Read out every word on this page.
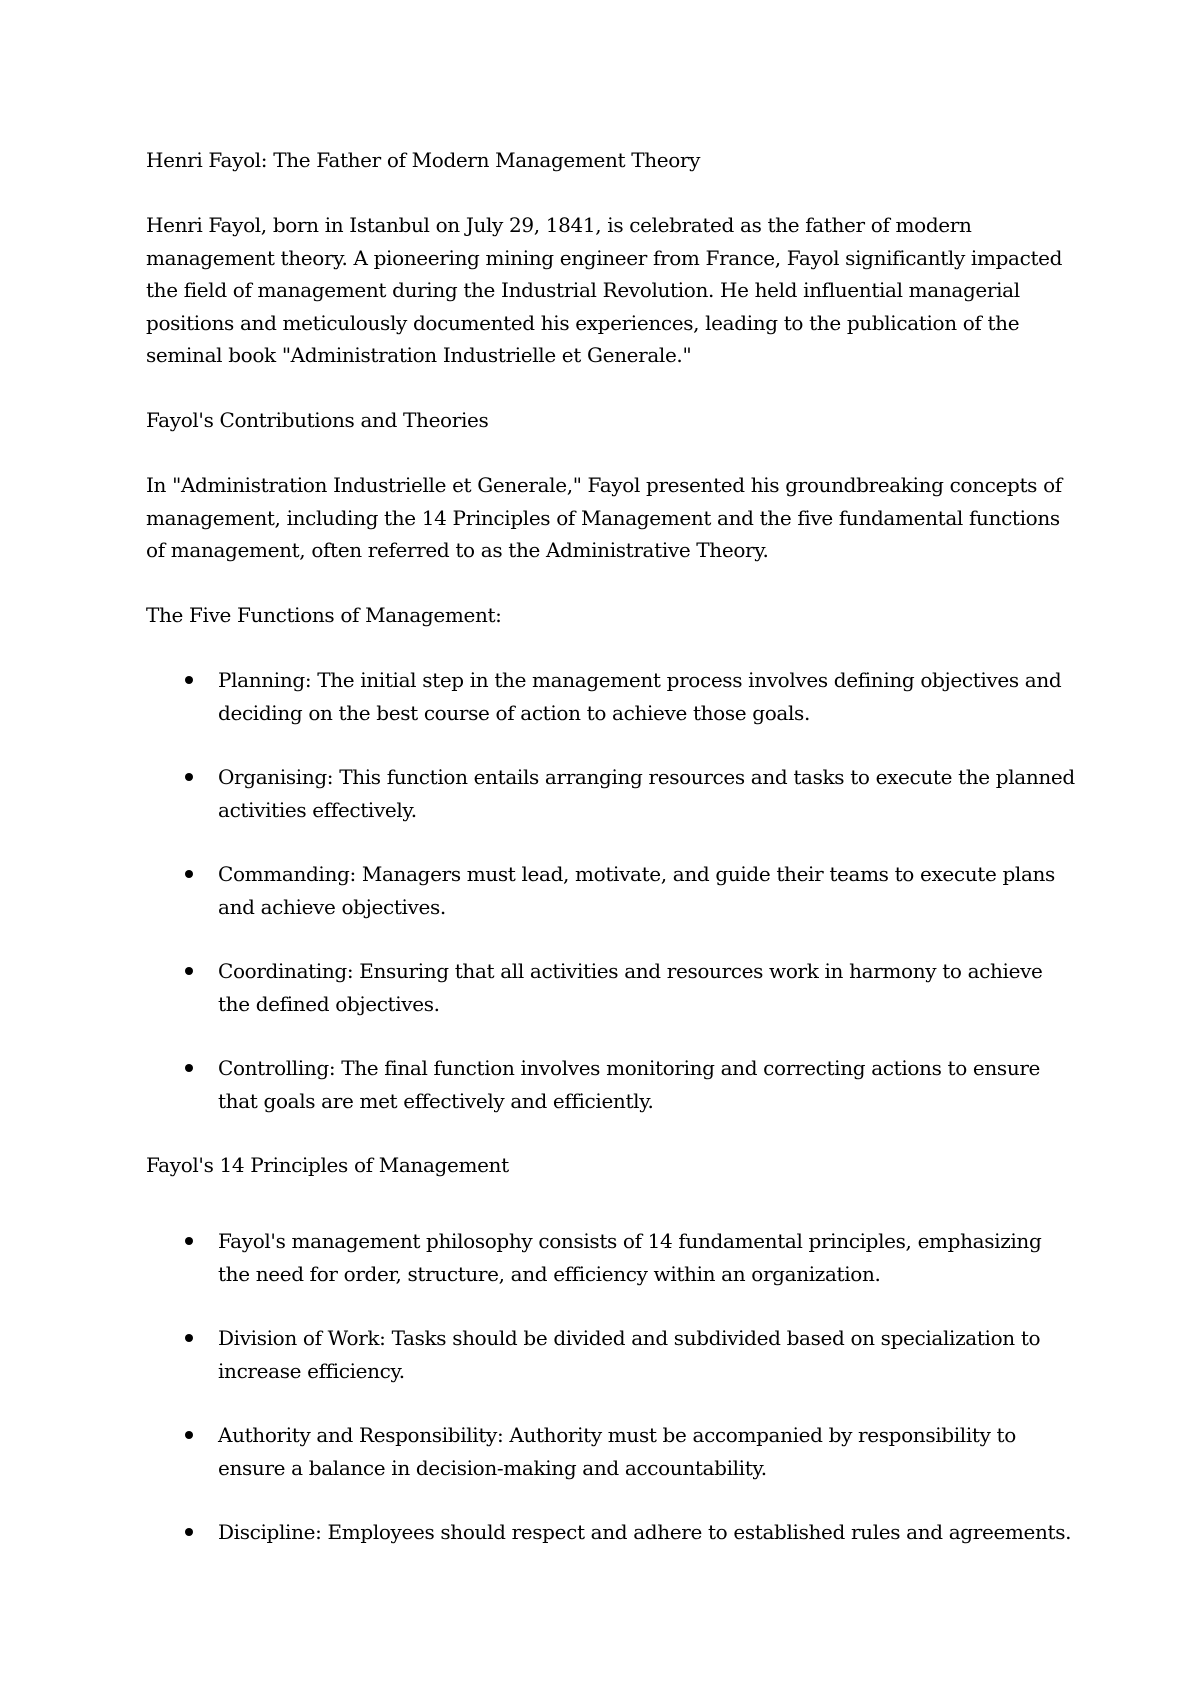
Henri Fayol: The Father of Modern Management Theory

Henri Fayol, born in Istanbul on July 29, 1841, is celebrated as the father of modern management theory. A pioneering mining engineer from France, Fayol significantly impacted the field of management during the Industrial Revolution. He held influential managerial positions and meticulously documented his experiences, leading to the publication of the seminal book "Administration Industrielle et Generale."

Fayol's Contributions and Theories

In "Administration Industrielle et Generale," Fayol presented his groundbreaking concepts of management, including the 14 Principles of Management and the five fundamental functions of management, often referred to as the Administrative Theory.

The Five Functions of Management:

Planning: The initial step in the management process involves defining objectives and deciding on the best course of action to achieve those goals.

Organising: This function entails arranging resources and tasks to execute the planned activities effectively.

Commanding: Managers must lead, motivate, and guide their teams to execute plans and achieve objectives.

Coordinating: Ensuring that all activities and resources work in harmony to achieve the defined objectives.

Controlling: The final function involves monitoring and correcting actions to ensure that goals are met effectively and efficiently.

Fayol's 14 Principles of Management

Fayol's management philosophy consists of 14 fundamental principles, emphasizing the need for order, structure, and efficiency within an organization.

Division of Work: Tasks should be divided and subdivided based on specialization to increase efficiency.

Authority and Responsibility: Authority must be accompanied by responsibility to ensure a balance in decision-making and accountability.

Discipline: Employees should respect and adhere to established rules and agreements.
